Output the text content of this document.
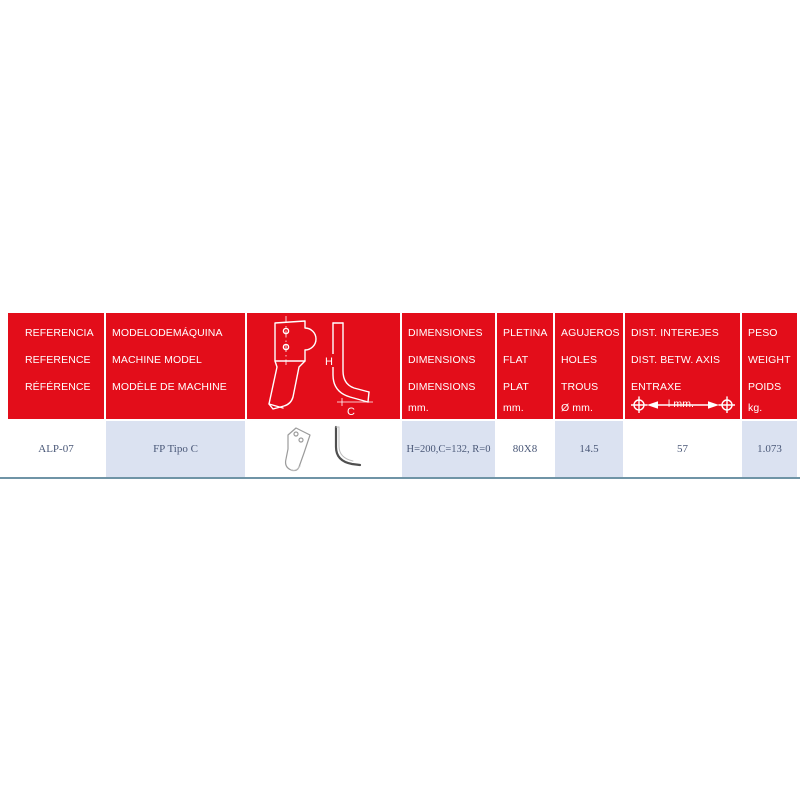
REFERENCIA
REFERENCE
RÉFÉRENCE
ALP-07
MODELODEMÁQUINA
MACHINE MODEL
MODÈLE DE MACHINE
FP Tipo C
H
C
DIMENSIONES
DIMENSIONS
DIMENSIONS
mm.
H=200,C=132, R=0
PLETINA
FLAT
PLAT
mm.
80X8
AGUJEROS
HOLES
TROUS
Ø mm.
14.5
DIST. INTEREJES
DIST. BETW. AXIS
ENTRAXE
l mm.
57
PESO
WEIGHT
POIDS
kg.
1.073
